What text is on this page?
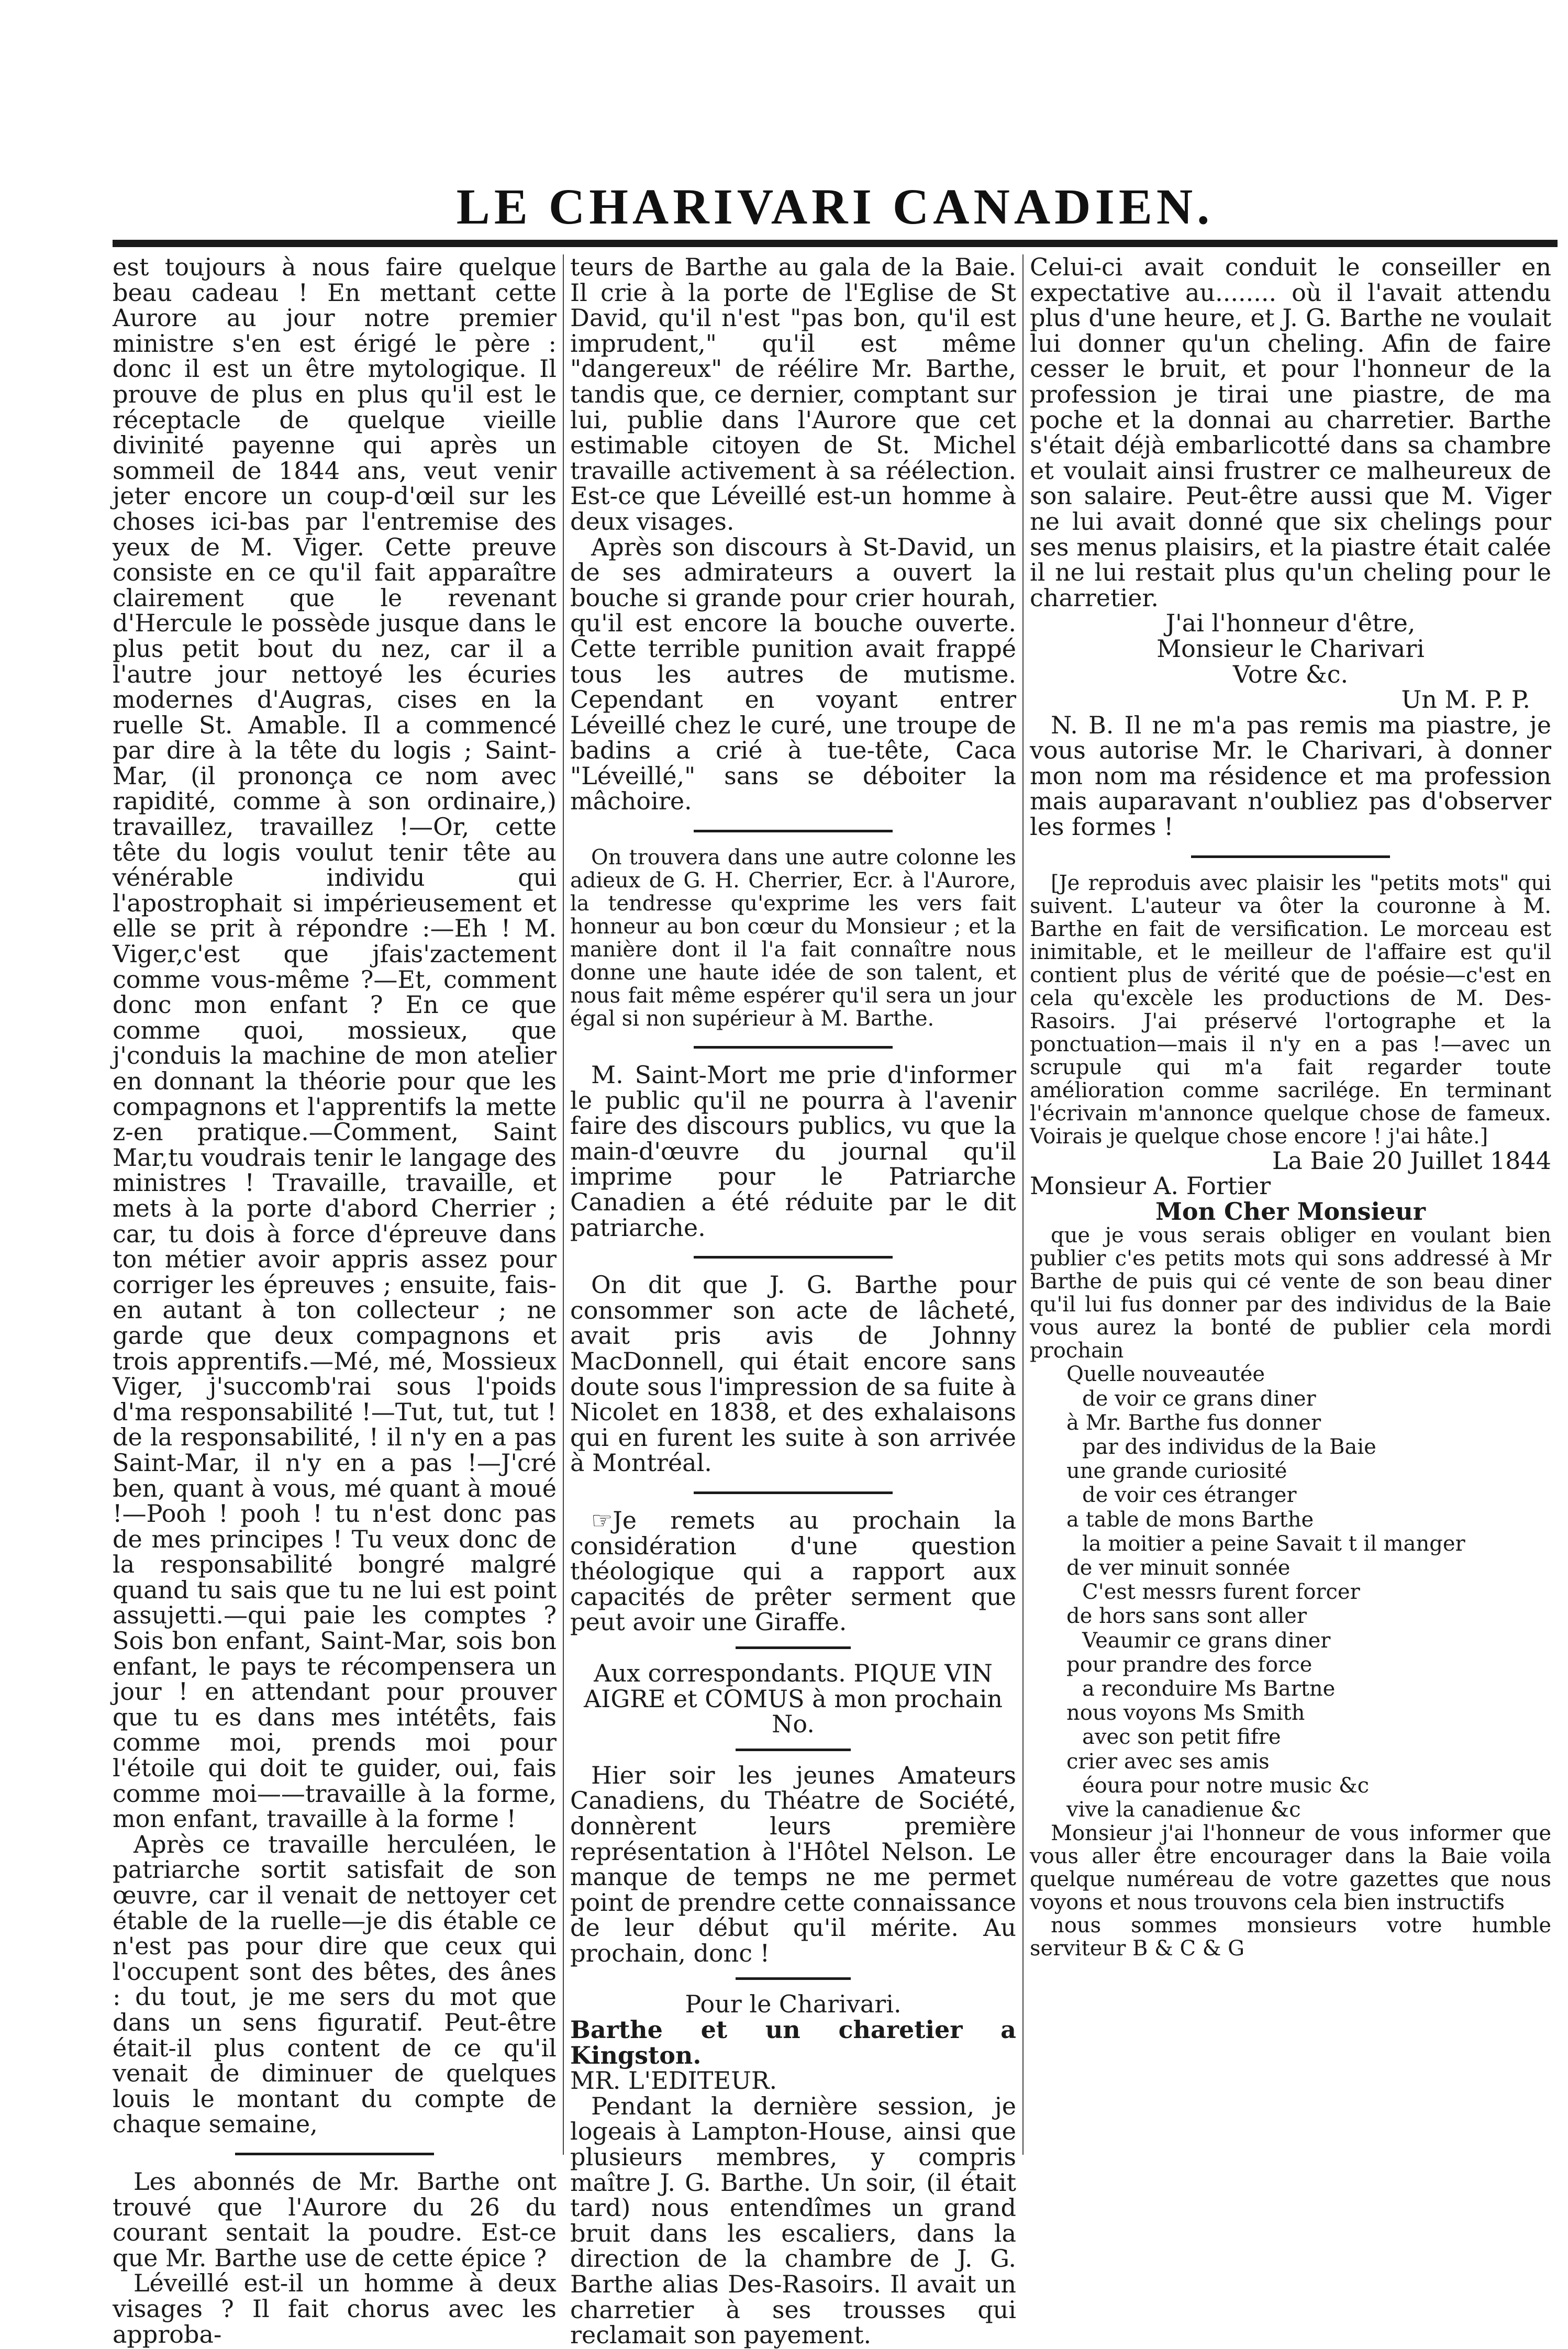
LE CHARIVARI CANADIEN.

est toujours à nous faire quelque beau cadeau ! En mettant cette Aurore au jour notre premier ministre s'en est érigé le père : donc il est un être mytologique. Il prouve de plus en plus qu'il est le réceptacle de quelque vieille divinité payenne qui après un sommeil de 1844 ans, veut venir jeter encore un coup-d'œil sur les choses ici-bas par l'entremise des yeux de M. Viger. Cette preuve consiste en ce qu'il fait apparaître clairement que le revenant d'Hercule le possède jusque dans le plus petit bout du nez, car il a l'autre jour nettoyé les écuries modernes d'Augras, cises en la ruelle St. Amable. Il a commencé par dire à la tête du logis ; Saint-Mar, (il prononça ce nom avec rapidité, comme à son ordinaire,) travaillez, travaillez !—Or, cette tête du logis voulut tenir tête au vénérable individu qui l'apostrophait si impérieusement et elle se prit à répondre :—Eh ! M. Viger,c'est que jfais'zactement comme vous-même ?—Et, comment donc mon enfant ? En ce que comme quoi, mossieux, que j'conduis la machine de mon atelier en donnant la théorie pour que les compagnons et l'apprentifs la mette z-en pratique.—Comment, Saint Mar,tu voudrais tenir le langage des ministres ! Travaille, travaille, et mets à la porte d'abord Cherrier ; car, tu dois à force d'épreuve dans ton métier avoir appris assez pour corriger les épreuves ; ensuite, fais-en autant à ton collecteur ; ne garde que deux compagnons et trois apprentifs.—Mé, mé, Mossieux Viger, j'succomb'rai sous l'poids d'ma responsabilité !—Tut, tut, tut ! de la responsabilité, ! il n'y en a pas Saint-Mar, il n'y en a pas !—J'cré ben, quant à vous, mé quant à moué !—Pooh ! pooh ! tu n'est donc pas de mes principes ! Tu veux donc de la responsabilité bongré malgré quand tu sais que tu ne lui est point assujetti.—qui paie les comptes ? Sois bon enfant, Saint-Mar, sois bon enfant, le pays te récompensera un jour ! en attendant pour prouver que tu es dans mes intétêts, fais comme moi, prends moi pour l'étoile qui doit te guider, oui, fais comme moi——travaille à la forme, mon enfant, travaille à la forme !

Après ce travaille herculéen, le patriarche sortit satisfait de son œuvre, car il venait de nettoyer cet étable de la ruelle—je dis étable ce n'est pas pour dire que ceux qui l'occupent sont des bêtes, des ânes : du tout, je me sers du mot que dans un sens figuratif. Peut-être était-il plus content de ce qu'il venait de diminuer de quelques louis le montant du compte de chaque semaine,

Les abonnés de Mr. Barthe ont trouvé que l'Aurore du 26 du courant sentait la poudre. Est-ce que Mr. Barthe use de cette épice ?

Léveillé est-il un homme à deux visages ? Il fait chorus avec les approba-

teurs de Barthe au gala de la Baie. Il crie à la porte de l'Eglise de St David, qu'il n'est "pas bon, qu'il est imprudent," qu'il est même "dangereux" de réélire Mr. Barthe, tandis que, ce dernier, comptant sur lui, publie dans l'Aurore que cet estimable citoyen de St. Michel travaille activement à sa réélection. Est-ce que Léveillé est-un homme à deux visages.

Après son discours à St-David, un de ses admirateurs a ouvert la bouche si grande pour crier hourah, qu'il est encore la bouche ouverte. Cette terrible punition avait frappé tous les autres de mutisme. Cependant en voyant entrer Léveillé chez le curé, une troupe de badins a crié à tue-tête, Caca "Léveillé," sans se déboiter la mâchoire.

On trouvera dans une autre colonne les adieux de G. H. Cherrier, Ecr. à l'Aurore, la tendresse qu'exprime les vers fait honneur au bon cœur du Monsieur ; et la manière dont il l'a fait connaître nous donne une haute idée de son talent, et nous fait même espérer qu'il sera un jour égal si non supérieur à M. Barthe.

M. Saint-Mort me prie d'informer le public qu'il ne pourra à l'avenir faire des discours publics, vu que la main-d'œuvre du journal qu'il imprime pour le Patriarche Canadien a été réduite par le dit patriarche.

On dit que J. G. Barthe pour consommer son acte de lâcheté, avait pris avis de Johnny MacDonnell, qui était encore sans doute sous l'impression de sa fuite à Nicolet en 1838, et des exhalaisons qui en furent les suite à son arrivée à Montréal.

☞Je remets au prochain la considération d'une question théologique qui a rapport aux capacités de prêter serment que peut avoir une Giraffe.

Aux correspondants. PIQUE VIN AIGRE et COMUS à mon prochain No.

Hier soir les jeunes Amateurs Canadiens, du Théatre de Société, donnèrent leurs première représentation à l'Hôtel Nelson. Le manque de temps ne me permet point de prendre cette connaissance de leur début qu'il mérite. Au prochain, donc !

Pour le Charivari.

Barthe et un charetier a Kingston.

MR. L'EDITEUR.

Pendant la dernière session, je logeais à Lampton-House, ainsi que plusieurs membres, y compris maître J. G. Barthe. Un soir, (il était tard) nous entendîmes un grand bruit dans les escaliers, dans la direction de la chambre de J. G. Barthe alias Des-Rasoirs. Il avait un charretier à ses trousses qui reclamait son payement.

Celui-ci avait conduit le conseiller en expectative au........ où il l'avait attendu plus d'une heure, et J. G. Barthe ne voulait lui donner qu'un cheling. Afin de faire cesser le bruit, et pour l'honneur de la profession je tirai une piastre, de ma poche et la donnai au charretier. Barthe s'était déjà embarlicotté dans sa chambre et voulait ainsi frustrer ce malheureux de son salaire. Peut-être aussi que M. Viger ne lui avait donné que six chelings pour ses menus plaisirs, et la piastre était calée il ne lui restait plus qu'un cheling pour le charretier.

J'ai l'honneur d'être,

Monsieur le Charivari

Votre &c.

Un M. P. P.

N. B. Il ne m'a pas remis ma piastre, je vous autorise Mr. le Charivari, à donner mon nom ma résidence et ma profession mais auparavant n'oubliez pas d'observer les formes !

[Je reproduis avec plaisir les "petits mots" qui suivent. L'auteur va ôter la couronne à M. Barthe en fait de versification. Le morceau est inimitable, et le meilleur de l'affaire est qu'il contient plus de vérité que de poésie—c'est en cela qu'excèle les productions de M. Des-Rasoirs. J'ai préservé l'ortographe et la ponctuation—mais il n'y en a pas !—avec un scrupule qui m'a fait regarder toute amélioration comme sacrilége. En terminant l'écrivain m'annonce quelque chose de fameux. Voirais je quelque chose encore ! j'ai hâte.]

La Baie 20 Juillet 1844

Monsieur A. Fortier

Mon Cher Monsieur

que je vous serais obliger en voulant bien publier c'es petits mots qui sons addressé à Mr Barthe de puis qui cé vente de son beau diner qu'il lui fus donner par des individus de la Baie vous aurez la bonté de publier cela mordi prochain

Quelle nouveautée

de voir ce grans diner

à Mr. Barthe fus donner

par des individus de la Baie

une grande curiosité

de voir ces étranger

a table de mons Barthe

la moitier a peine Savait t il manger

de ver minuit sonnée

C'est messrs furent forcer

de hors sans sont aller

Veaumir ce grans diner

pour prandre des force

a reconduire Ms Bartne

nous voyons Ms Smith

avec son petit fifre

crier avec ses amis

éoura pour notre music &c

vive la canadienue &c

Monsieur j'ai l'honneur de vous informer que vous aller être encourager dans la Baie voila quelque numéreau de votre gazettes que nous voyons et nous trouvons cela bien instructifs

nous sommes monsieurs votre humble serviteur B & C & G
